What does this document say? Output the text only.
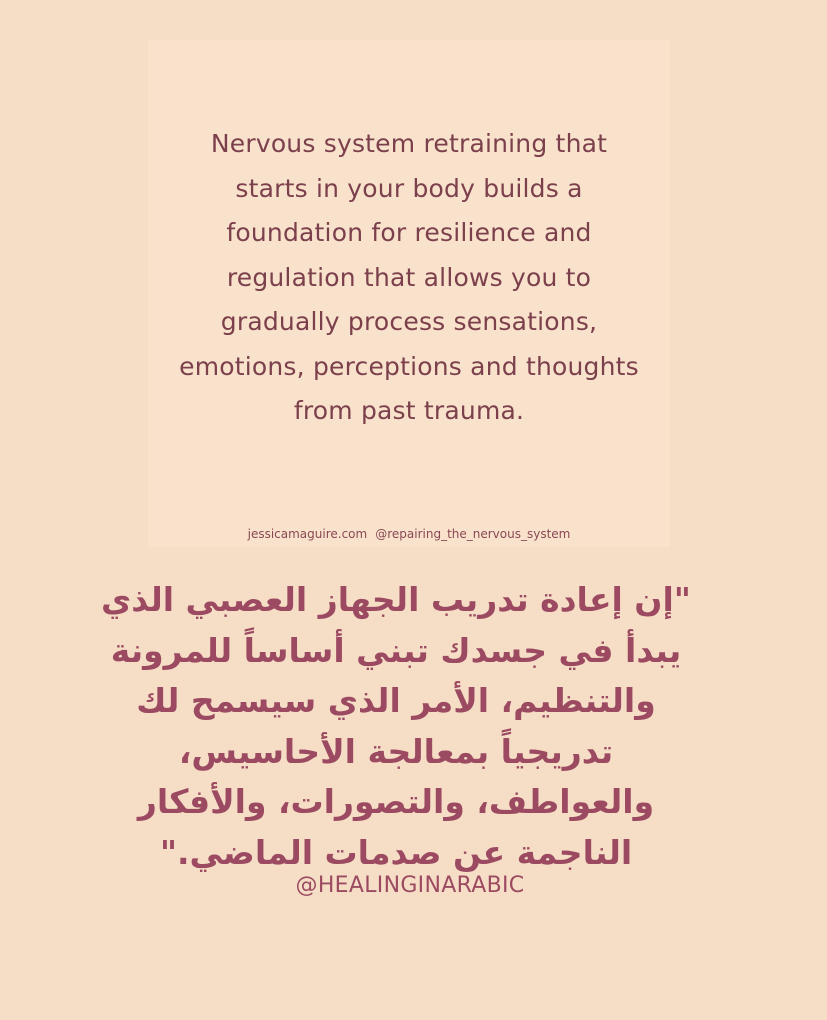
Nervous system retraining that
starts in your body builds a
foundation for resilience and
regulation that allows you to
gradually process sensations,
emotions, perceptions and thoughts
from past trauma.
jessicamaguire.com @repairing_the_nervous_system
"إن إعادة تدريب الجهاز العصبي الذي
يبدأ في جسدك تبني أساساً للمرونة
والتنظيم، الأمر الذي سيسمح لك
تدريجياً بمعالجة الأحاسيس،
والعواطف، والتصورات، والأفكار
الناجمة عن صدمات الماضي."
@HEALINGINARABIC
